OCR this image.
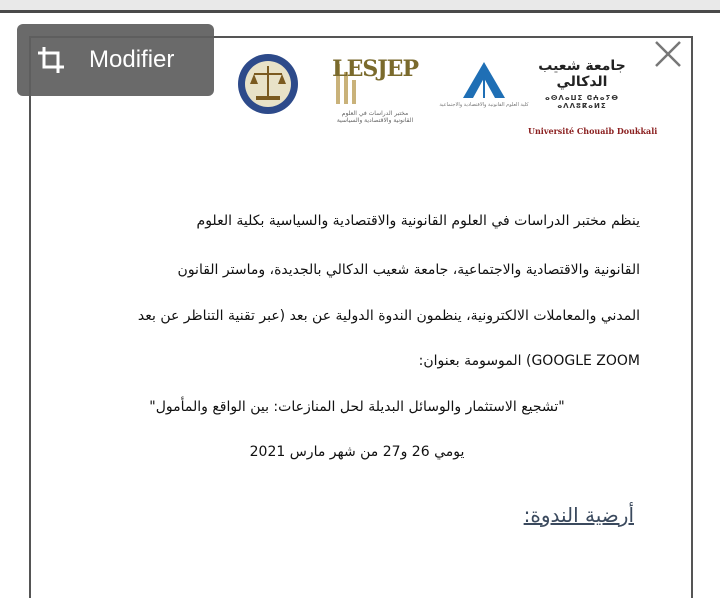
LESJEP
مختبر الدراسات في العلوم القانونية والاقتصادية والسياسية
كلية العلوم القانونية والاقتصادية والاجتماعية
جامعة شعيب الدكالي
ⴰⵙⴷⴰⵡⵉ ⵛⵄⴰⵢⴱ ⴰⴷⴷⵓⴽⴰⵍⵉ
Université Chouaib Doukkali
ينظم مختبر الدراسات في العلوم القانونية والاقتصادية والسياسية بكلية العلوم
القانونية والاقتصادية والاجتماعية، جامعة شعيب الدكالي بالجديدة، وماستر القانون
المدني والمعاملات الالكترونية، ينظمون الندوة الدولية عن بعد (عبر تقنية التناظر عن بعد
GOOGLE ZOOM) الموسومة بعنوان:
"تشجيع الاستثمار والوسائل البديلة لحل المنازعات: بين الواقع والمأمول"
يومي 26 و27 من شهر مارس 2021
أرضية الندوة:
Modifier
